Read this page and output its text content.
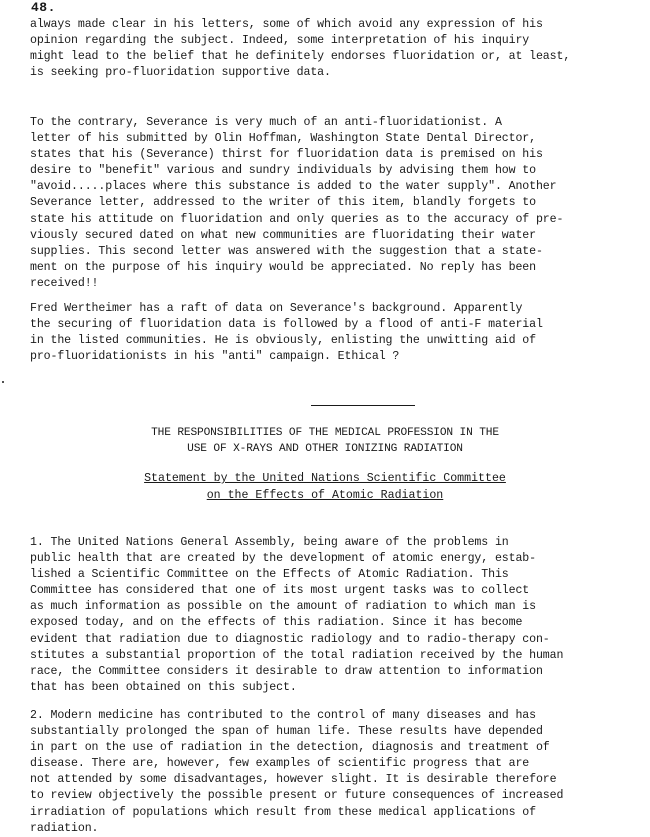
48.
always made clear in his letters, some of which avoid any expression of his
opinion regarding the subject. Indeed, some interpretation of his inquiry
might lead to the belief that he definitely endorses fluoridation or, at least,
is seeking pro-fluoridation supportive data.
To the contrary, Severance is very much of an anti-fluoridationist. A
letter of his submitted by Olin Hoffman, Washington State Dental Director,
states that his (Severance) thirst for fluoridation data is premised on his
desire to "benefit" various and sundry individuals by advising them how to
"avoid.....places where this substance is added to the water supply". Another
Severance letter, addressed to the writer of this item, blandly forgets to
state his attitude on fluoridation and only queries as to the accuracy of pre-
viously secured dated on what new communities are fluoridating their water
supplies. This second letter was answered with the suggestion that a state-
ment on the purpose of his inquiry would be appreciated. No reply has been
received!!
Fred Wertheimer has a raft of data on Severance's background. Apparently
the securing of fluoridation data is followed by a flood of anti-F material
in the listed communities. He is obviously, enlisting the unwitting aid of
pro-fluoridationists in his "anti" campaign. Ethical ?
THE RESPONSIBILITIES OF THE MEDICAL PROFESSION IN THE
USE OF X-RAYS AND OTHER IONIZING RADIATION
Statement by the United Nations Scientific Committee
on the Effects of Atomic Radiation
1. The United Nations General Assembly, being aware of the problems in
public health that are created by the development of atomic energy, estab-
lished a Scientific Committee on the Effects of Atomic Radiation. This
Committee has considered that one of its most urgent tasks was to collect
as much information as possible on the amount of radiation to which man is
exposed today, and on the effects of this radiation. Since it has become
evident that radiation due to diagnostic radiology and to radio-therapy con-
stitutes a substantial proportion of the total radiation received by the human
race, the Committee considers it desirable to draw attention to information
that has been obtained on this subject.
2. Modern medicine has contributed to the control of many diseases and has
substantially prolonged the span of human life. These results have depended
in part on the use of radiation in the detection, diagnosis and treatment of
disease. There are, however, few examples of scientific progress that are
not attended by some disadvantages, however slight. It is desirable therefore
to review objectively the possible present or future consequences of increased
irradiation of populations which result from these medical applications of
radiation.
